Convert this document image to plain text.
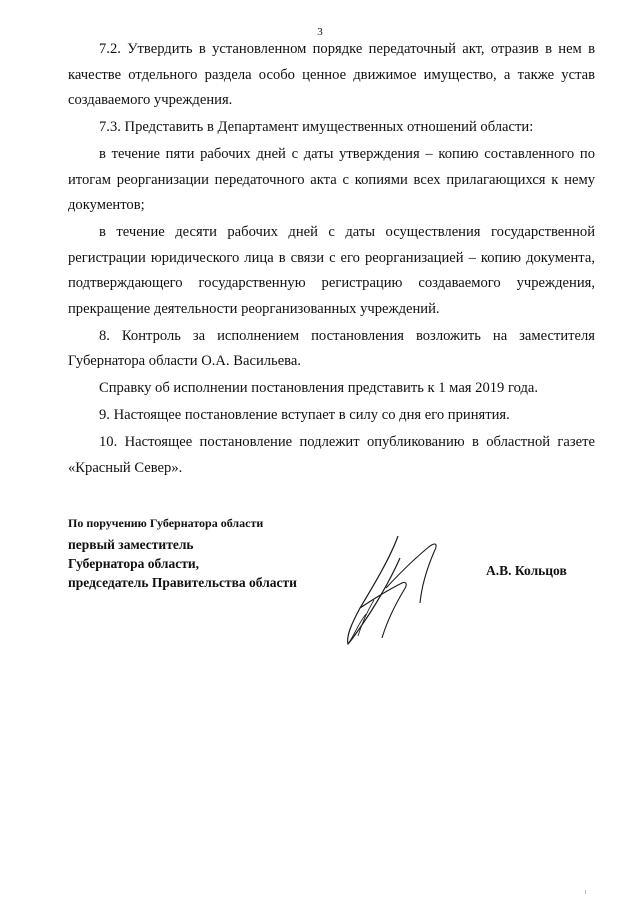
3

7.2. Утвердить в установленном порядке передаточный акт, отразив в нем в качестве отдельного раздела особо ценное движимое имущество, а также устав создаваемого учреждения.

7.3. Представить в Департамент имущественных отношений области:

в течение пяти рабочих дней с даты утверждения – копию составленного по итогам реорганизации передаточного акта с копиями всех прилагающихся к нему документов;

в течение десяти рабочих дней с даты осуществления государственной регистрации юридического лица в связи с его реорганизацией – копию документа, подтверждающего государственную регистрацию создаваемого учреждения, прекращение деятельности реорганизованных учреждений.

8. Контроль за исполнением постановления возложить на заместителя Губернатора области О.А. Васильева.

Справку об исполнении постановления представить к 1 мая 2019 года.

9. Настоящее постановление вступает в силу со дня его принятия.

10. Настоящее постановление подлежит опубликованию в областной газете «Красный Север».

По поручению Губернатора области
первый заместитель
Губернатора области,
председатель Правительства области
А.В. Кольцов
